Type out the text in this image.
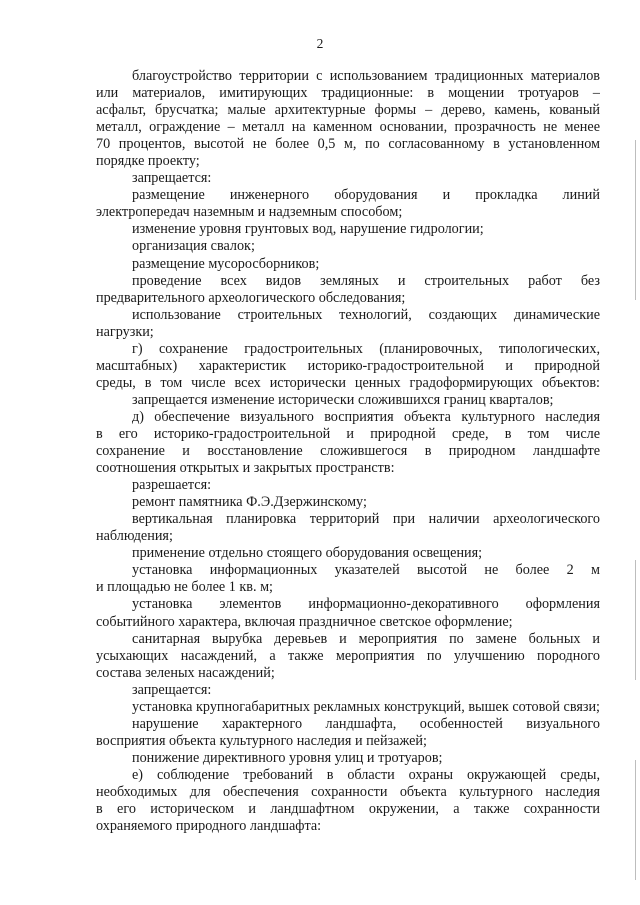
2
благоустройство территории с использованием традиционных материалов
или материалов, имитирующих традиционные: в мощении тротуаров –
асфальт, брусчатка; малые архитектурные формы – дерево, камень, кованый
металл, ограждение – металл на каменном основании, прозрачность не менее
70 процентов, высотой не более 0,5 м, по согласованному в установленном
порядке проекту;
запрещается:
размещение инженерного оборудования и прокладка линий
электропередач наземным и надземным способом;
изменение уровня грунтовых вод, нарушение гидрологии;
организация свалок;
размещение мусоросборников;
проведение всех видов земляных и строительных работ без
предварительного археологического обследования;
использование строительных технологий, создающих динамические
нагрузки;
г) сохранение градостроительных (планировочных, типологических,
масштабных) характеристик историко-градостроительной и природной
среды, в том числе всех исторически ценных градоформирующих объектов:
запрещается изменение исторически сложившихся границ кварталов;
д) обеспечение визуального восприятия объекта культурного наследия
в его историко-градостроительной и природной среде, в том числе
сохранение и восстановление сложившегося в природном ландшафте
соотношения открытых и закрытых пространств:
разрешается:
ремонт памятника Ф.Э.Дзержинскому;
вертикальная планировка территорий при наличии археологического
наблюдения;
применение отдельно стоящего оборудования освещения;
установка информационных указателей высотой не более 2 м
и площадью не более 1 кв. м;
установка элементов информационно-декоративного оформления
событийного характера, включая праздничное светское оформление;
санитарная вырубка деревьев и мероприятия по замене больных и
усыхающих насаждений, а также мероприятия по улучшению породного
состава зеленых насаждений;
запрещается:
установка крупногабаритных рекламных конструкций, вышек сотовой связи;
нарушение характерного ландшафта, особенностей визуального
восприятия объекта культурного наследия и пейзажей;
понижение директивного уровня улиц и тротуаров;
е) соблюдение требований в области охраны окружающей среды,
необходимых для обеспечения сохранности объекта культурного наследия
в его историческом и ландшафтном окружении, а также сохранности
охраняемого природного ландшафта:
